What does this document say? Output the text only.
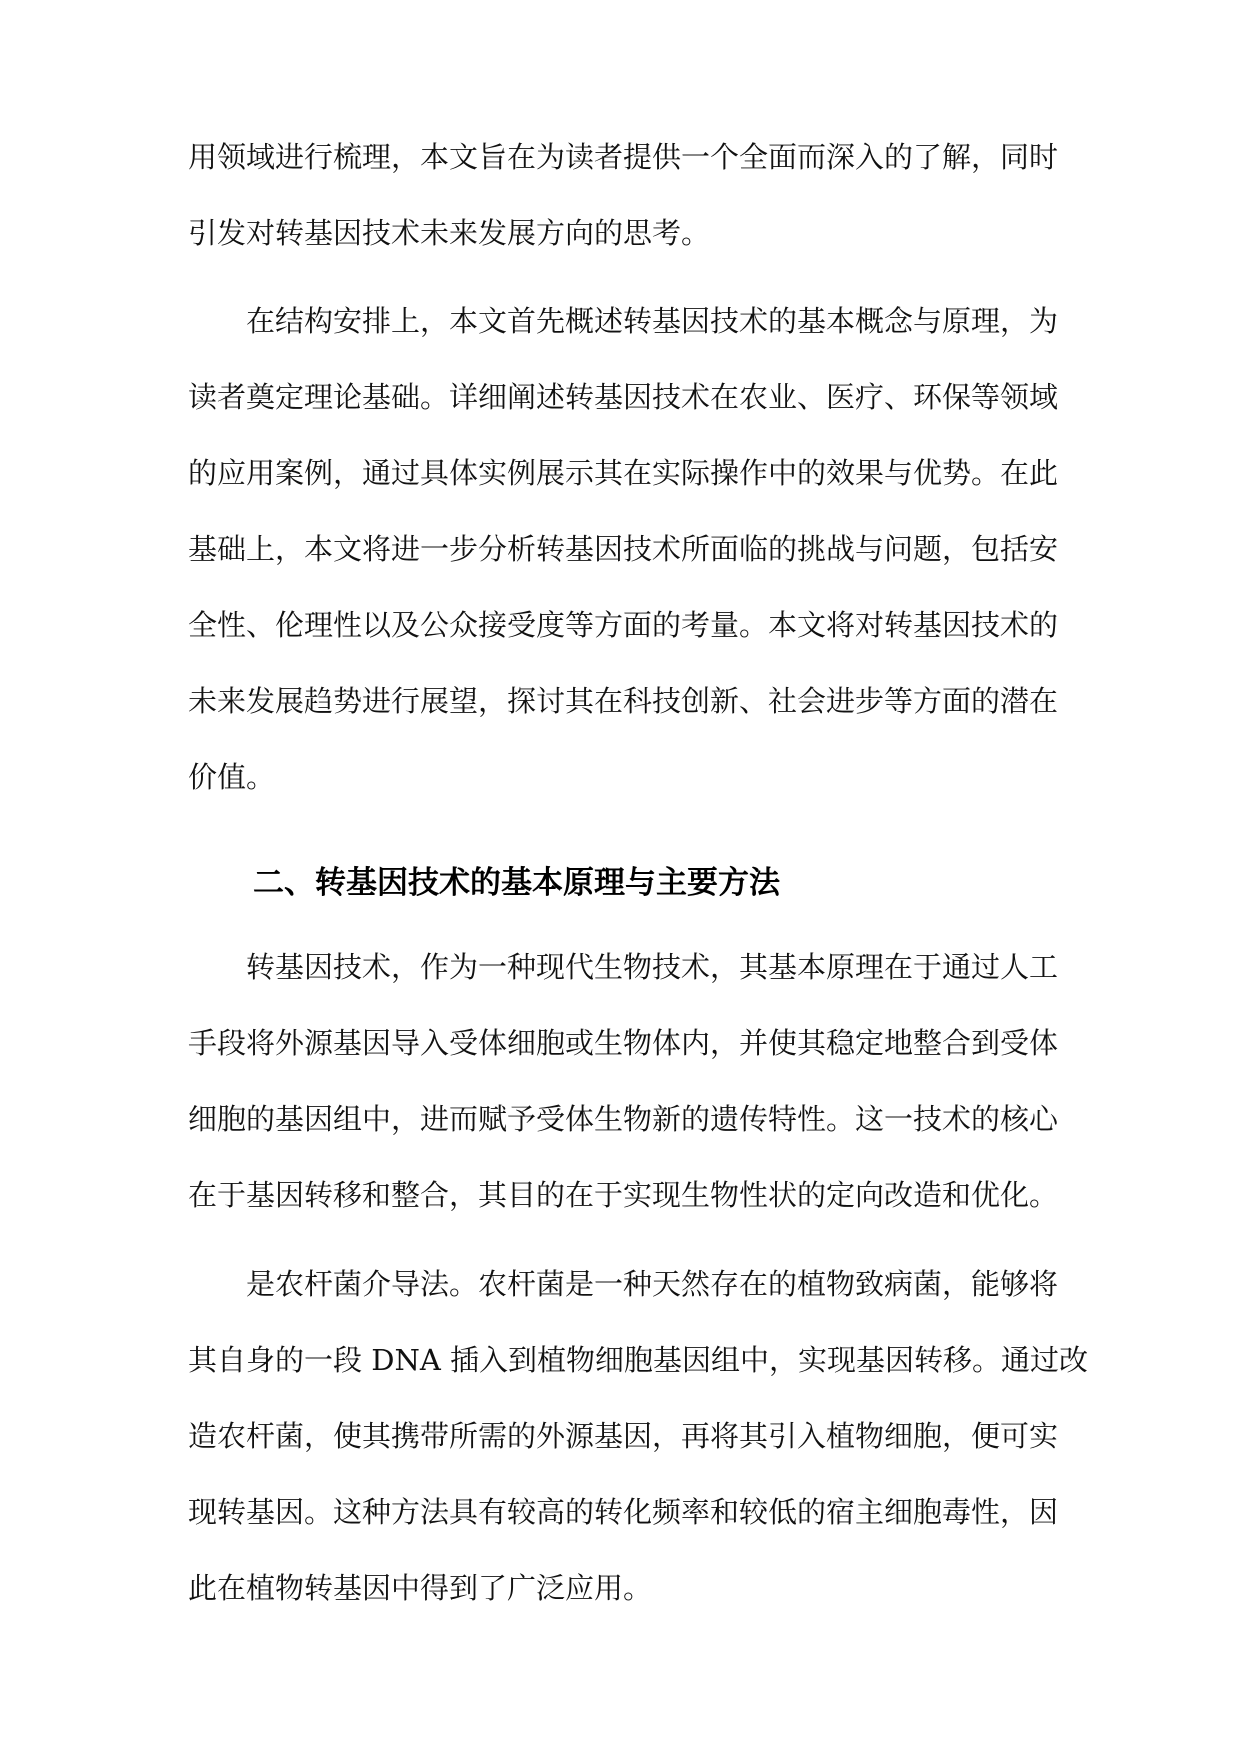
用领域进行梳理，本文旨在为读者提供一个全面而深入的了解，同时
引发对转基因技术未来发展方向的思考。
在结构安排上，本文首先概述转基因技术的基本概念与原理，为
读者奠定理论基础。详细阐述转基因技术在农业、医疗、环保等领域
的应用案例，通过具体实例展示其在实际操作中的效果与优势。在此
基础上，本文将进一步分析转基因技术所面临的挑战与问题，包括安
全性、伦理性以及公众接受度等方面的考量。本文将对转基因技术的
未来发展趋势进行展望，探讨其在科技创新、社会进步等方面的潜在
价值。
二、转基因技术的基本原理与主要方法
转基因技术，作为一种现代生物技术，其基本原理在于通过人工
手段将外源基因导入受体细胞或生物体内，并使其稳定地整合到受体
细胞的基因组中，进而赋予受体生物新的遗传特性。这一技术的核心
在于基因转移和整合，其目的在于实现生物性状的定向改造和优化。
是农杆菌介导法。农杆菌是一种天然存在的植物致病菌，能够将
其自身的一段 DNA 插入到植物细胞基因组中，实现基因转移。通过改
造农杆菌，使其携带所需的外源基因，再将其引入植物细胞，便可实
现转基因。这种方法具有较高的转化频率和较低的宿主细胞毒性，因
此在植物转基因中得到了广泛应用。
